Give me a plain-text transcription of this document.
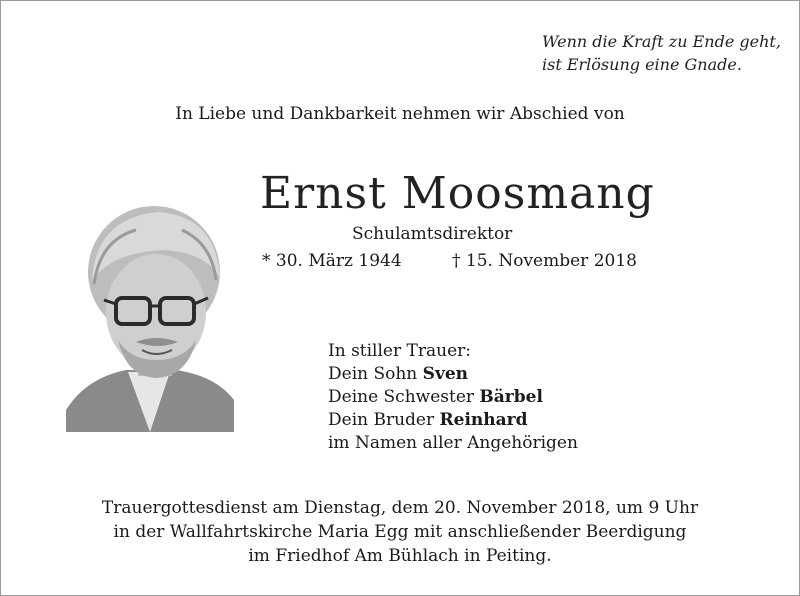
Wenn die Kraft zu Ende geht,
ist Erlösung eine Gnade.
In Liebe und Dankbarkeit nehmen wir Abschied von
Ernst Moosmang
Schulamtsdirektor
* 30. März 1944	† 15. November 2018
In stiller Trauer:
Dein Sohn Sven
Deine Schwester Bärbel
Dein Bruder Reinhard
im Namen aller Angehörigen
Trauergottesdienst am Dienstag, dem 20. November 2018, um 9 Uhr
in der Wallfahrtskirche Maria Egg mit anschließender Beerdigung
im Friedhof Am Bühlach in Peiting.
